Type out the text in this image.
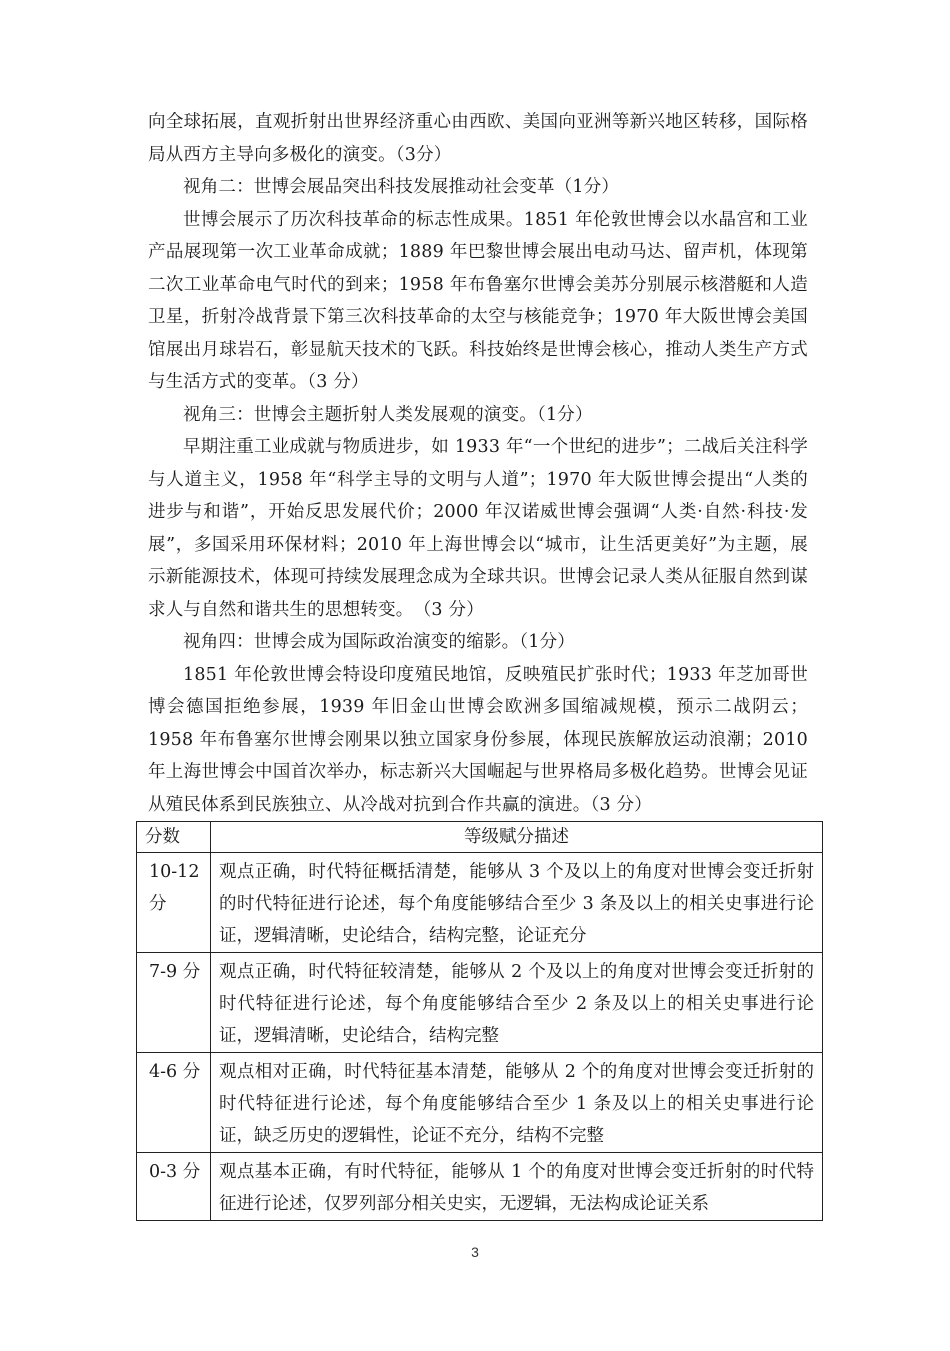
向全球拓展，直观折射出世界经济重心由西欧、美国向亚洲等新兴地区转移，国际格局从西方主导向多极化的演变。（3分）

视角二：世博会展品突出科技发展推动社会变革（1分）

世博会展示了历次科技革命的标志性成果。1851 年伦敦世博会以水晶宫和工业产品展现第一次工业革命成就；1889 年巴黎世博会展出电动马达、留声机，体现第二次工业革命电气时代的到来；1958 年布鲁塞尔世博会美苏分别展示核潜艇和人造卫星，折射冷战背景下第三次科技革命的太空与核能竞争；1970 年大阪世博会美国馆展出月球岩石，彰显航天技术的飞跃。科技始终是世博会核心，推动人类生产方式与生活方式的变革。（3 分）

视角三：世博会主题折射人类发展观的演变。（1分）

早期注重工业成就与物质进步，如 1933 年“一个世纪的进步”；二战后关注科学与人道主义，1958 年“科学主导的文明与人道”；1970 年大阪世博会提出“人类的进步与和谐”，开始反思发展代价；2000 年汉诺威世博会强调“人类·自然·科技·发展”，多国采用环保材料；2010 年上海世博会以“城市，让生活更美好”为主题，展示新能源技术，体现可持续发展理念成为全球共识。世博会记录人类从征服自然到谋求人与自然和谐共生的思想转变。　（3 分）

视角四：世博会成为国际政治演变的缩影。（1分）

1851 年伦敦世博会特设印度殖民地馆，反映殖民扩张时代；1933 年芝加哥世博会德国拒绝参展，1939 年旧金山世博会欧洲多国缩减规模，预示二战阴云；1958 年布鲁塞尔世博会刚果以独立国家身份参展，体现民族解放运动浪潮；2010 年上海世博会中国首次举办，标志新兴大国崛起与世界格局多极化趋势。世博会见证从殖民体系到民族独立、从冷战对抗到合作共赢的演进。（3 分）

分数	等级赋分描述
10-12 分	观点正确，时代特征概括清楚，能够从 3 个及以上的角度对世博会变迁折射的时代特征进行论述，每个角度能够结合至少 3 条及以上的相关史事进行论证，逻辑清晰，史论结合，结构完整，论证充分
7-9 分	观点正确，时代特征较清楚，能够从 2 个及以上的角度对世博会变迁折射的时代特征进行论述，每个角度能够结合至少 2 条及以上的相关史事进行论证，逻辑清晰，史论结合，结构完整
4-6 分	观点相对正确，时代特征基本清楚，能够从 2 个的角度对世博会变迁折射的时代特征进行论述，每个角度能够结合至少 1 条及以上的相关史事进行论证，缺乏历史的逻辑性，论证不充分，结构不完整
0-3 分	观点基本正确，有时代特征，能够从 1 个的角度对世博会变迁折射的时代特征进行论述，仅罗列部分相关史实，无逻辑，无法构成论证关系
3
